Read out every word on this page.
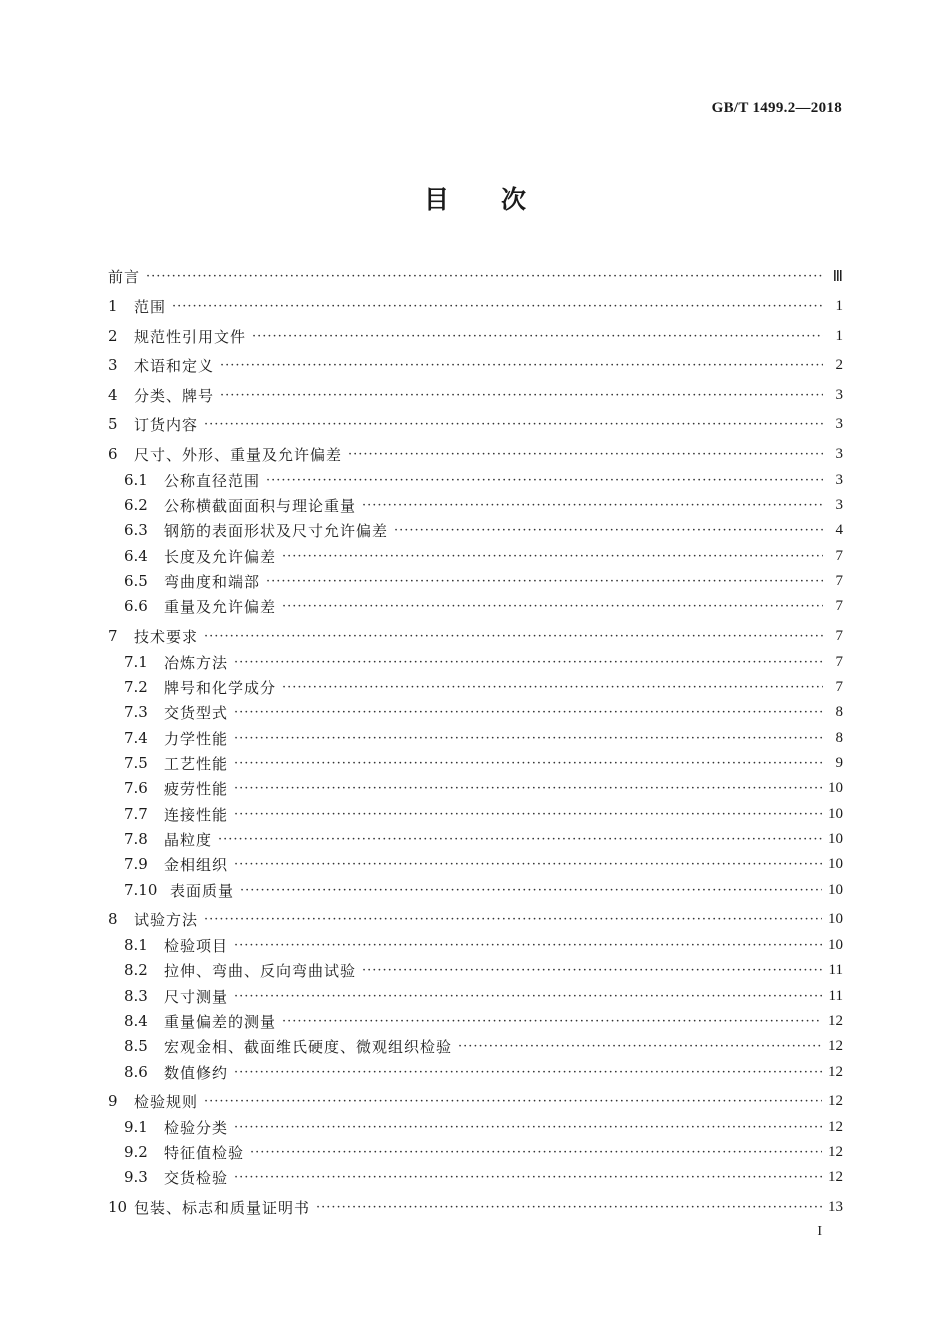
GB/T 1499.2—2018
目 次
前言 ·····	Ⅲ
1	范围 ·····	1
2	规范性引用文件 ·····	1
3	术语和定义 ·····	2
4	分类、牌号 ·····	3
5	订货内容 ·····	3
6	尺寸、外形、重量及允许偏差 ·····	3
6.1	公称直径范围 ·····	3
6.2	公称横截面面积与理论重量 ·····	3
6.3	钢筋的表面形状及尺寸允许偏差 ·····	4
6.4	长度及允许偏差 ·····	7
6.5	弯曲度和端部 ·····	7
6.6	重量及允许偏差 ·····	7
7	技术要求 ·····	7
7.1	冶炼方法 ·····	7
7.2	牌号和化学成分 ·····	7
7.3	交货型式 ·····	8
7.4	力学性能 ·····	8
7.5	工艺性能 ·····	9
7.6	疲劳性能 ·····	10
7.7	连接性能 ·····	10
7.8	晶粒度 ·····	10
7.9	金相组织 ·····	10
7.10 表面质量 ·····	10
8	试验方法 ·····	10
8.1	检验项目 ·····	10
8.2	拉伸、弯曲、反向弯曲试验 ·····	11
8.3	尺寸测量 ·····	11
8.4	重量偏差的测量 ·····	12
8.5	宏观金相、截面维氏硬度、微观组织检验 ·····	12
8.6	数值修约 ·····	12
9	检验规则 ·····	12
9.1	检验分类 ·····	12
9.2	特征值检验 ·····	12
9.3	交货检验 ·····	12
10 包装、标志和质量证明书 ·····	13
I
